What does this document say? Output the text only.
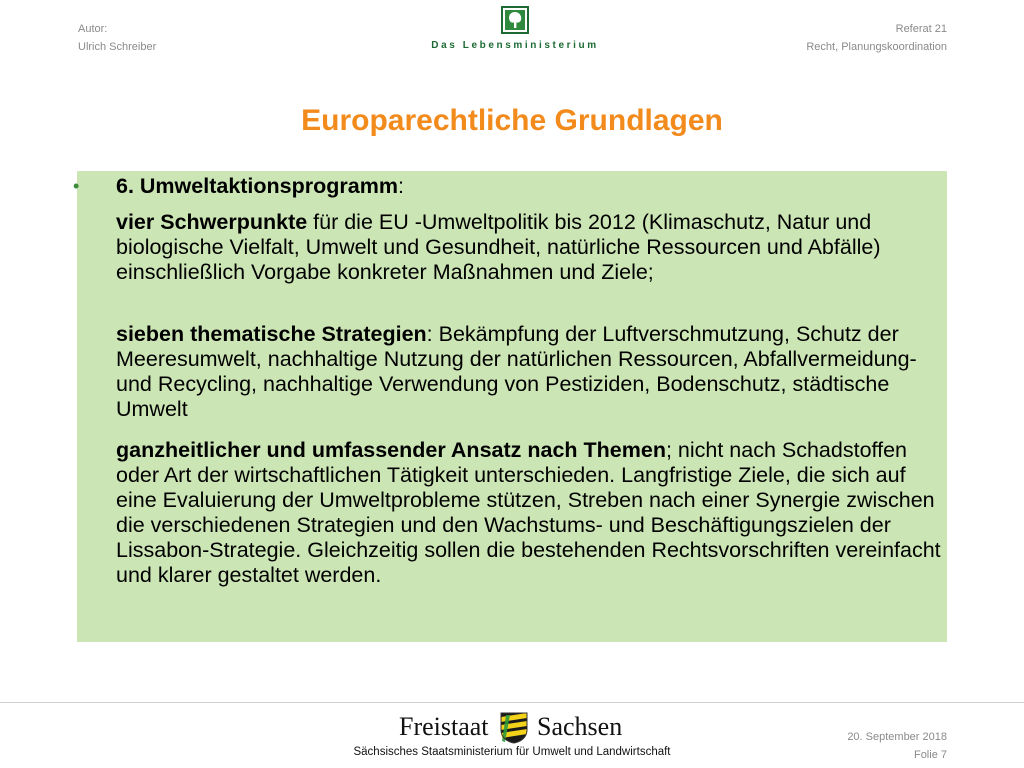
Autor:
Ulrich Schreiber	Das Lebensministerium
Referat 21
Recht, Planungskoordination
Europarechtliche Grundlagen
• 6. Umweltaktionsprogramm:
vier Schwerpunkte für die EU -Umweltpolitik bis 2012 (Klimaschutz, Natur und biologische Vielfalt, Umwelt und Gesundheit, natürliche Ressourcen und Abfälle) einschließlich Vorgabe konkreter Maßnahmen und Ziele;
sieben thematische Strategien: Bekämpfung der Luftverschmutzung, Schutz der Meeresumwelt, nachhaltige Nutzung der natürlichen Ressourcen, Abfallvermeidung- und Recycling, nachhaltige Verwendung von Pestiziden, Bodenschutz, städtische Umwelt
ganzheitlicher und umfassender Ansatz nach Themen; nicht nach Schadstoffen oder Art der wirtschaftlichen Tätigkeit unterschieden. Langfristige Ziele, die sich auf eine Evaluierung der Umweltprobleme stützen, Streben nach einer Synergie zwischen die verschiedenen Strategien und den Wachstums- und Beschäftigungszielen der Lissabon-Strategie. Gleichzeitig sollen die bestehenden Rechtsvorschriften vereinfacht und klarer gestaltet werden.
Freistaat Sachsen
Sächsisches Staatsministerium für Umwelt und Landwirtschaft
20. September 2018
Folie 7
